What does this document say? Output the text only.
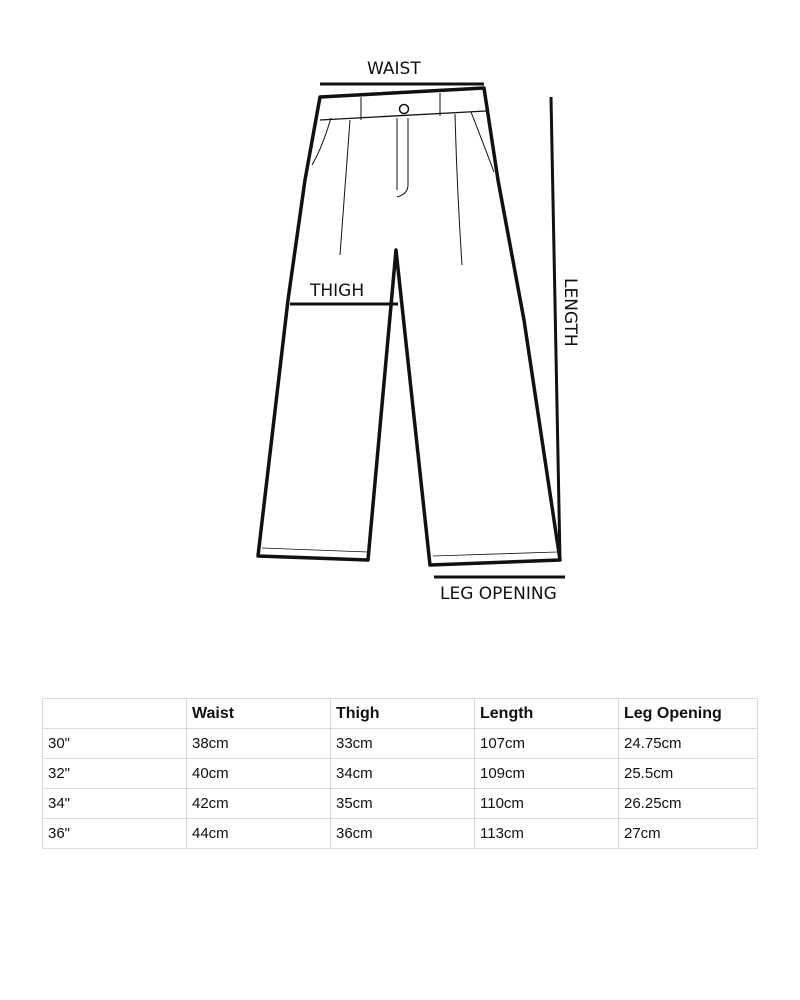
WAIST
THIGH	LENGTH
LEG OPENING
	Waist	Thigh	Length	Leg Opening
30"	38cm	33cm	107cm	24.75cm
32"	40cm	34cm	109cm	25.5cm
34"	42cm	35cm	110cm	26.25cm
36"	44cm	36cm	113cm	27cm
